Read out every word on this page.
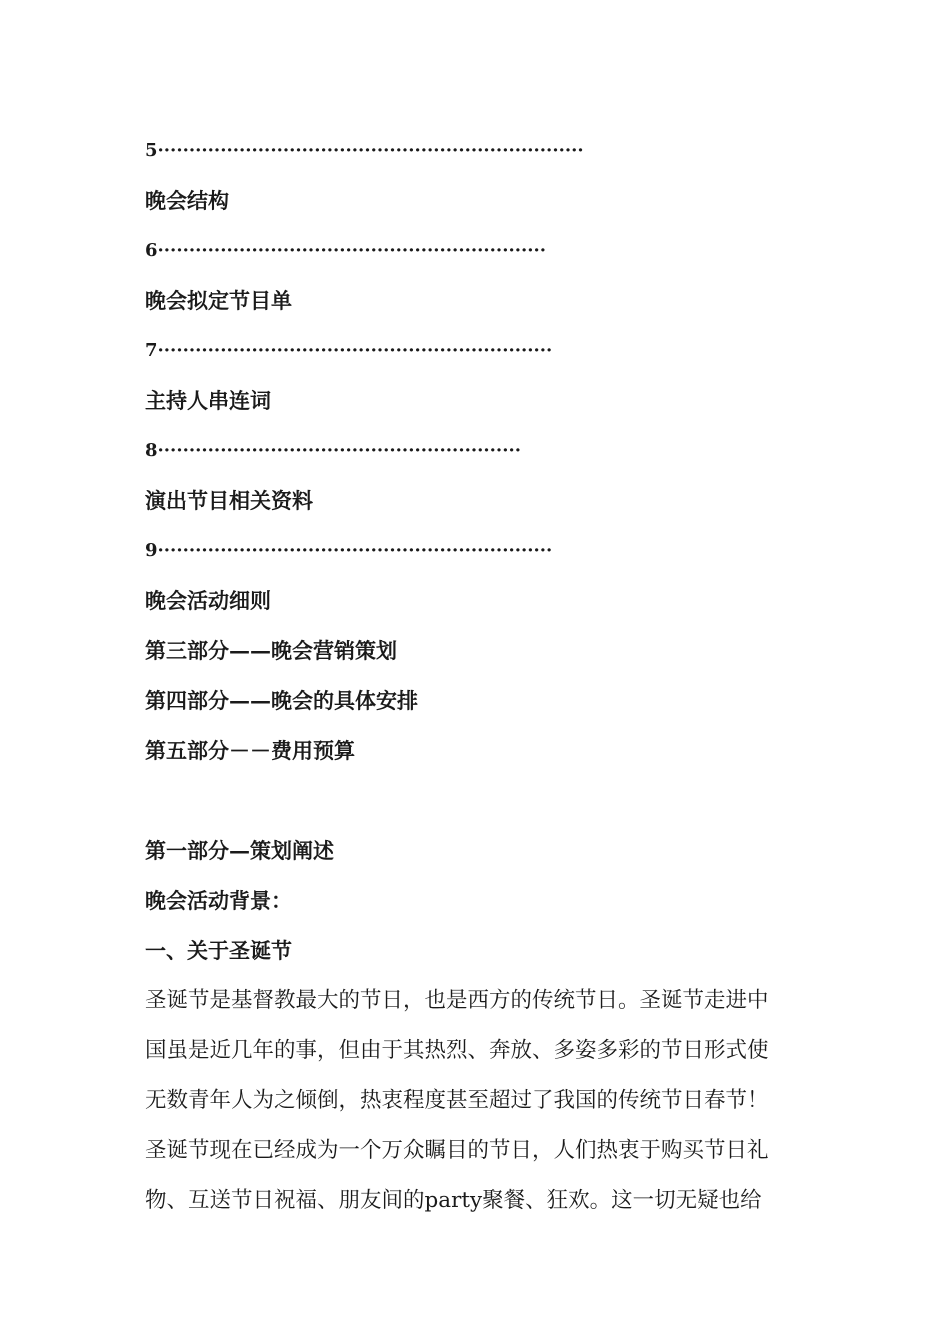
5····································································
晚会结构
6······························································
晚会拟定节目单
7·······························································
主持人串连词
8··························································
演出节目相关资料
9·······························································
晚会活动细则
第三部分——晚会营销策划
第四部分——晚会的具体安排
第五部分－－费用预算
第一部分—策划阐述
晚会活动背景：
一、关于圣诞节
圣诞节是基督教最大的节日，也是西方的传统节日。圣诞节走进中
国虽是近几年的事，但由于其热烈、奔放、多姿多彩的节日形式使
无数青年人为之倾倒，热衷程度甚至超过了我国的传统节日春节！
圣诞节现在已经成为一个万众瞩目的节日，人们热衷于购买节日礼
物、互送节日祝福、朋友间的party聚餐、狂欢。这一切无疑也给
